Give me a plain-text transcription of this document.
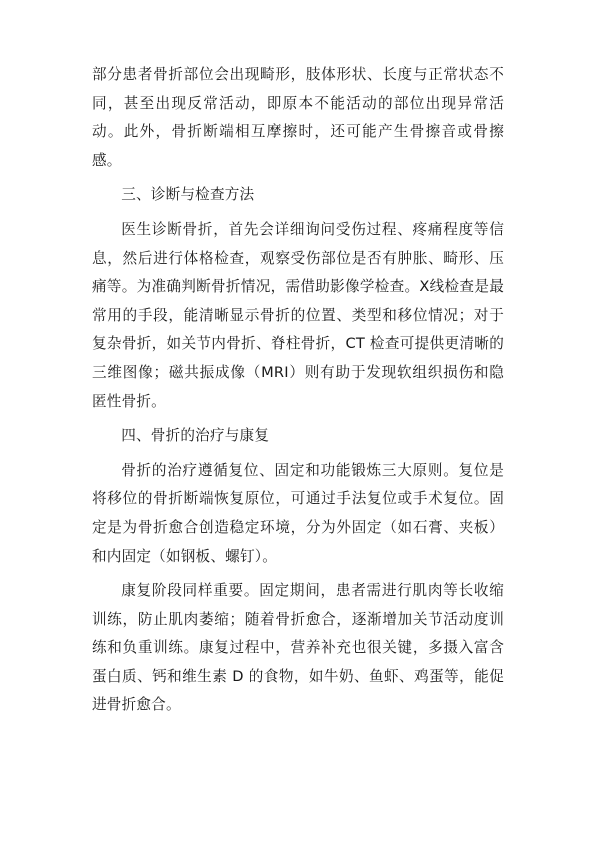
部分患者骨折部位会出现畸形，肢体形状、长度与正常状态不同，甚至出现反常活动，即原本不能活动的部位出现异常活动。此外，骨折断端相互摩擦时，还可能产生骨擦音或骨擦感。

三、诊断与检查方法

医生诊断骨折，首先会详细询问受伤过程、疼痛程度等信息，然后进行体格检查，观察受伤部位是否有肿胀、畸形、压痛等。为准确判断骨折情况，需借助影像学检查。X线检查是最常用的手段，能清晰显示骨折的位置、类型和移位情况；对于复杂骨折，如关节内骨折、脊柱骨折，CT 检查可提供更清晰的三维图像；磁共振成像（MRI）则有助于发现软组织损伤和隐匿性骨折。

四、骨折的治疗与康复

骨折的治疗遵循复位、固定和功能锻炼三大原则。复位是将移位的骨折断端恢复原位，可通过手法复位或手术复位。固定是为骨折愈合创造稳定环境，分为外固定（如石膏、夹板）和内固定（如钢板、螺钉）。

康复阶段同样重要。固定期间，患者需进行肌肉等长收缩训练，防止肌肉萎缩；随着骨折愈合，逐渐增加关节活动度训练和负重训练。康复过程中，营养补充也很关键，多摄入富含蛋白质、钙和维生素 D 的食物，如牛奶、鱼虾、鸡蛋等，能促进骨折愈合。
